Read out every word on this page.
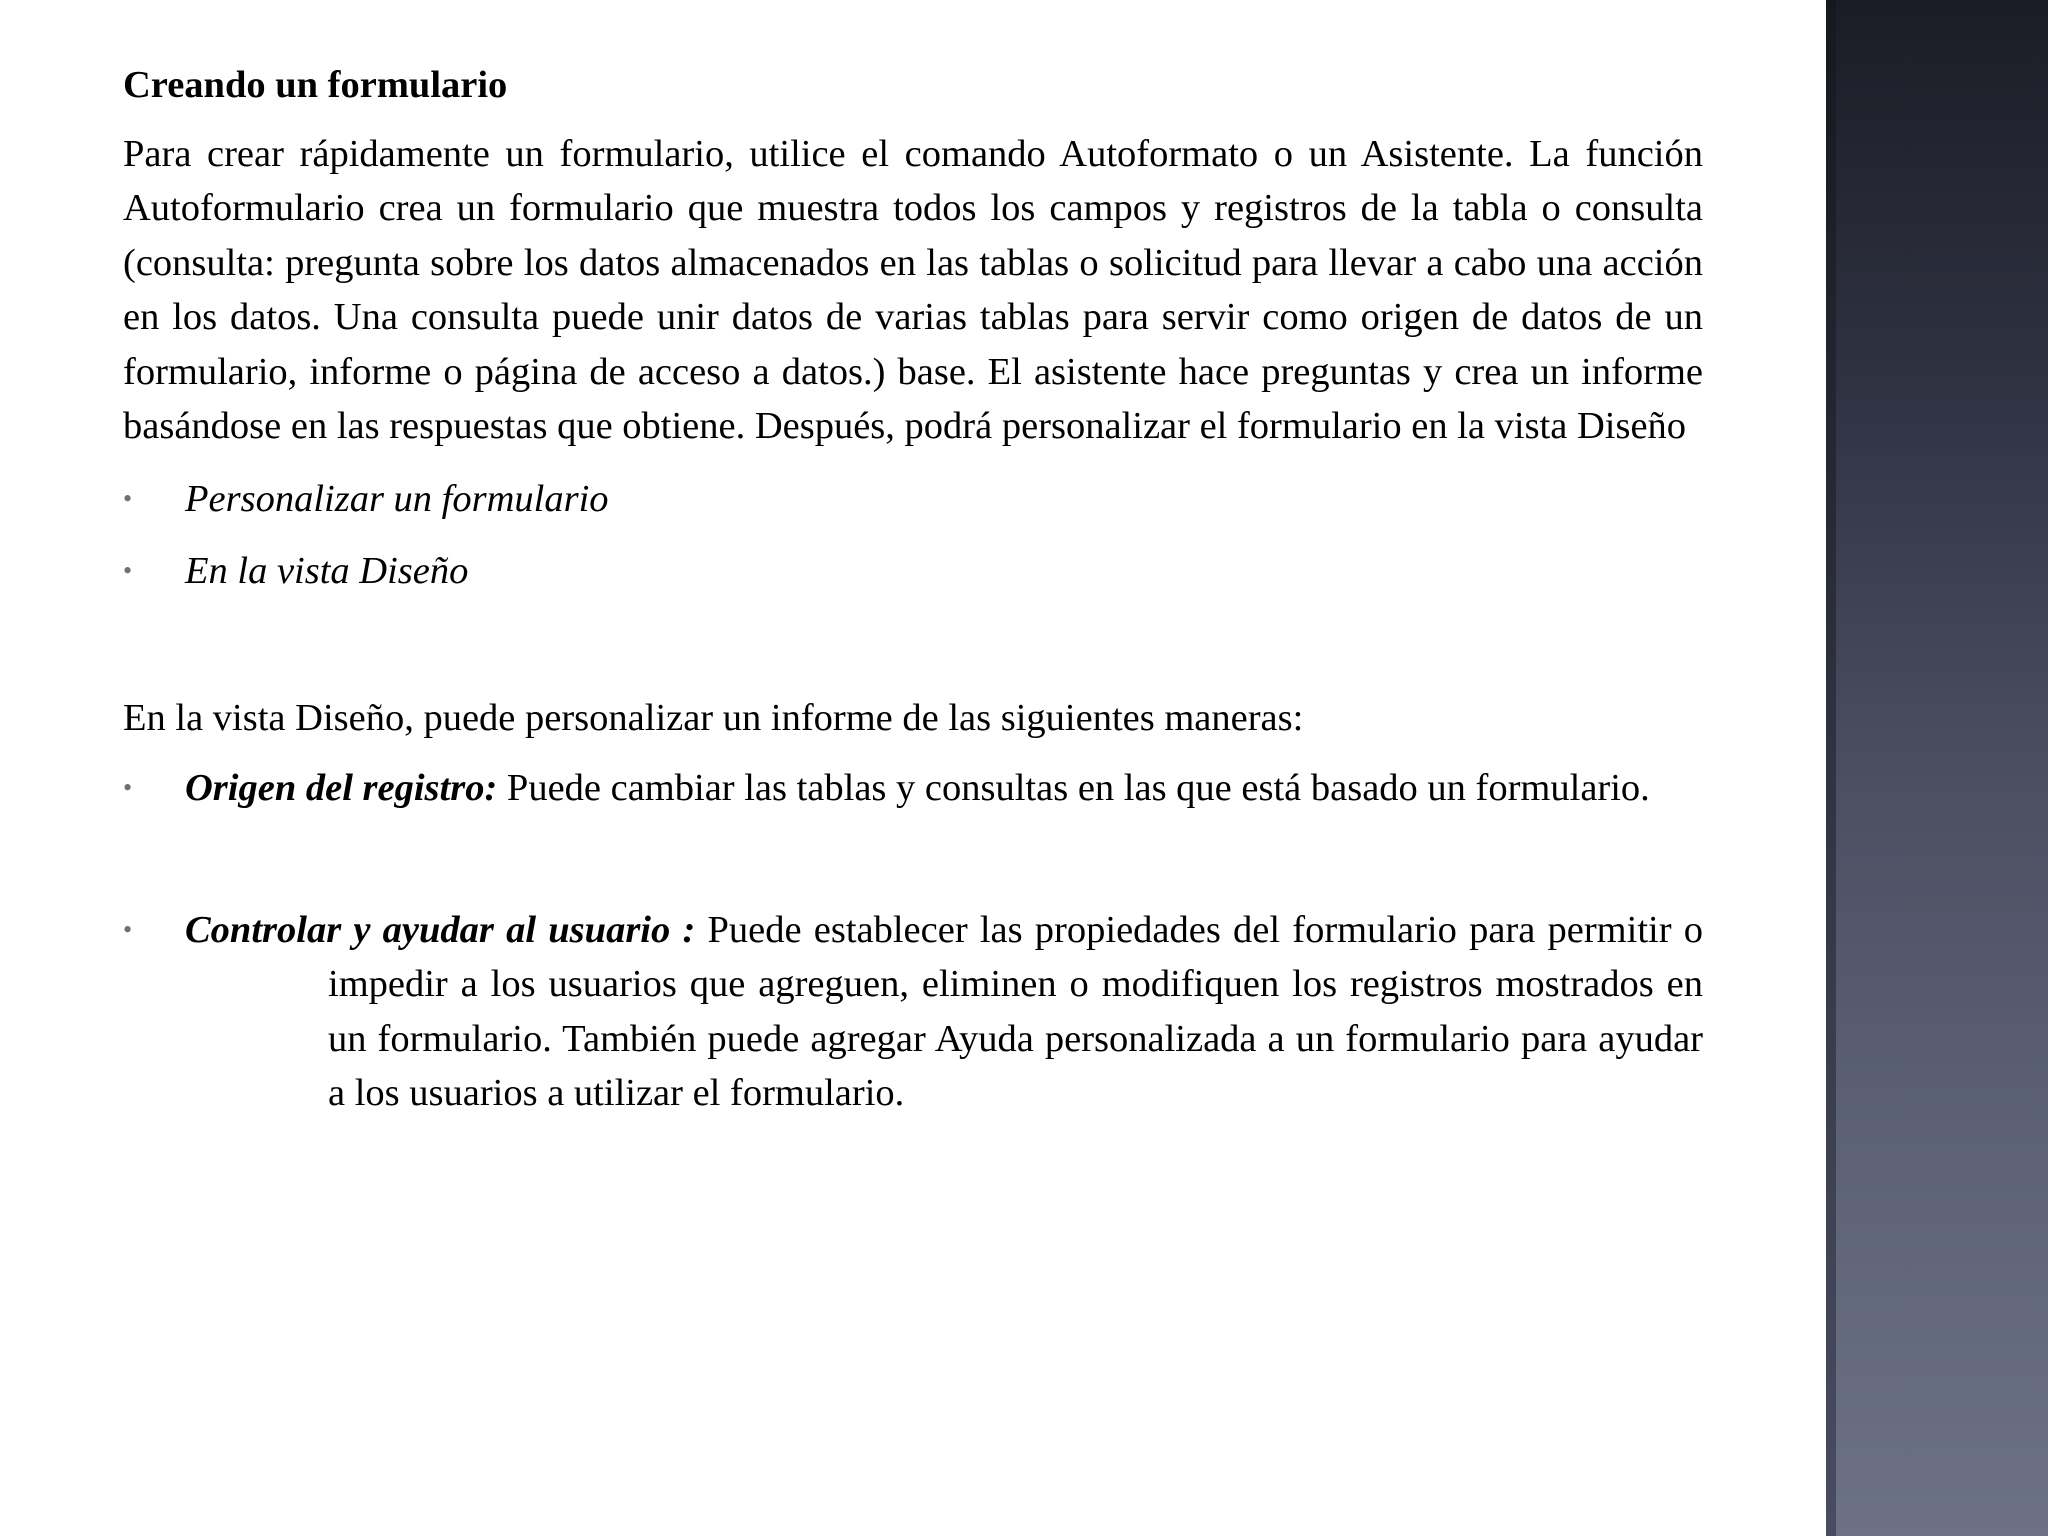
Creando un formulario

Para crear rápidamente un formulario, utilice el comando Autoformato o un Asistente. La función Autoformulario crea un formulario que muestra todos los campos y registros de la tabla o consulta (consulta: pregunta sobre los datos almacenados en las tablas o solicitud para llevar a cabo una acción en los datos. Una consulta puede unir datos de varias tablas para servir como origen de datos de un formulario, informe o página de acceso a datos.) base. El asistente hace preguntas y crea un informe basándose en las respuestas que obtiene. Después, podrá personalizar el formulario en la vista Diseño

• Personalizar un formulario
• En la vista Diseño

En la vista Diseño, puede personalizar un informe de las siguientes maneras:

• Origen del registro: Puede cambiar las tablas y consultas en las que está basado un formulario.
• Controlar y ayudar al usuario : Puede establecer las propiedades del formulario para permitir o impedir a los usuarios que agreguen, eliminen o modifiquen los registros mostrados en un formulario. También puede agregar Ayuda personalizada a un formulario para ayudar a los usuarios a utilizar el formulario.
